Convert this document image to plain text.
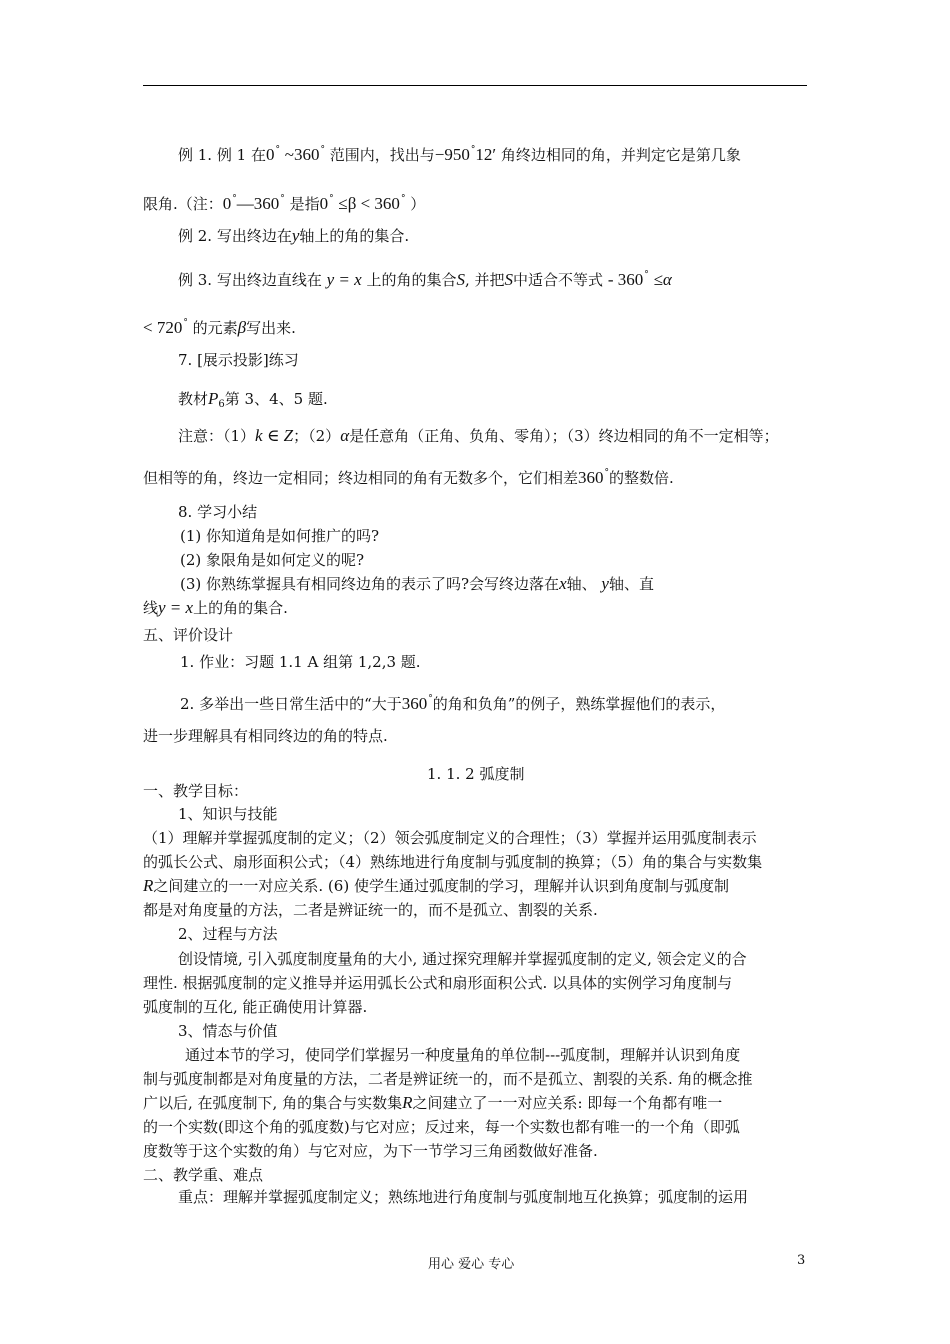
例 1. 例 1 在0° ~360° 范围内，找出与−950°12′ 角终边相同的角，并判定它是第几象
限角.（注：0°—360° 是指0° ≤β < 360° ）
例 2. 写出终边在y轴上的角的集合.
例 3. 写出终边直线在 y = x 上的角的集合S, 并把S中适合不等式 - 360° ≤α
< 720° 的元素β写出来.
7. [展示投影]练习
教材$P_6$第 3、4、5 题.
注意：（1）k ∈ Z；（2）α是任意角（正角、负角、零角）；（3）终边相同的角不一定相等；
但相等的角，终边一定相同；终边相同的角有无数多个，它们相差360°的整数倍.
8. 学习小结
(1) 你知道角是如何推广的吗?
(2) 象限角是如何定义的呢?
(3) 你熟练掌握具有相同终边角的表示了吗?会写终边落在x轴、 y轴、直
线y = x上的角的集合.
五、评价设计
1. 作业：习题 1.1 A 组第 1,2,3 题.
2. 多举出一些日常生活中的“大于360°的角和负角”的例子，熟练掌握他们的表示，
进一步理解具有相同终边的角的特点.
1. 1. 2 弧度制
一、教学目标：
1、知识与技能
（1）理解并掌握弧度制的定义；（2）领会弧度制定义的合理性；（3）掌握并运用弧度制表示
的弧长公式、扇形面积公式；（4）熟练地进行角度制与弧度制的换算；（5）角的集合与实数集
R之间建立的一一对应关系. (6) 使学生通过弧度制的学习，理解并认识到角度制与弧度制
都是对角度量的方法，二者是辨证统一的，而不是孤立、割裂的关系.
2、过程与方法
创设情境, 引入弧度制度量角的大小, 通过探究理解并掌握弧度制的定义, 领会定义的合
理性. 根据弧度制的定义推导并运用弧长公式和扇形面积公式. 以具体的实例学习角度制与
弧度制的互化, 能正确使用计算器.
3、情态与价值
通过本节的学习，使同学们掌握另一种度量角的单位制---弧度制，理解并认识到角度
制与弧度制都是对角度量的方法，二者是辨证统一的，而不是孤立、割裂的关系. 角的概念推
广以后, 在弧度制下, 角的集合与实数集R之间建立了一一对应关系: 即每一个角都有唯一
的一个实数(即这个角的弧度数)与它对应；反过来，每一个实数也都有唯一的一个角（即弧
度数等于这个实数的角）与它对应，为下一节学习三角函数做好准备.
二、教学重、难点
重点：理解并掌握弧度制定义；熟练地进行角度制与弧度制地互化换算；弧度制的运用
用心 爱心 专心	3
